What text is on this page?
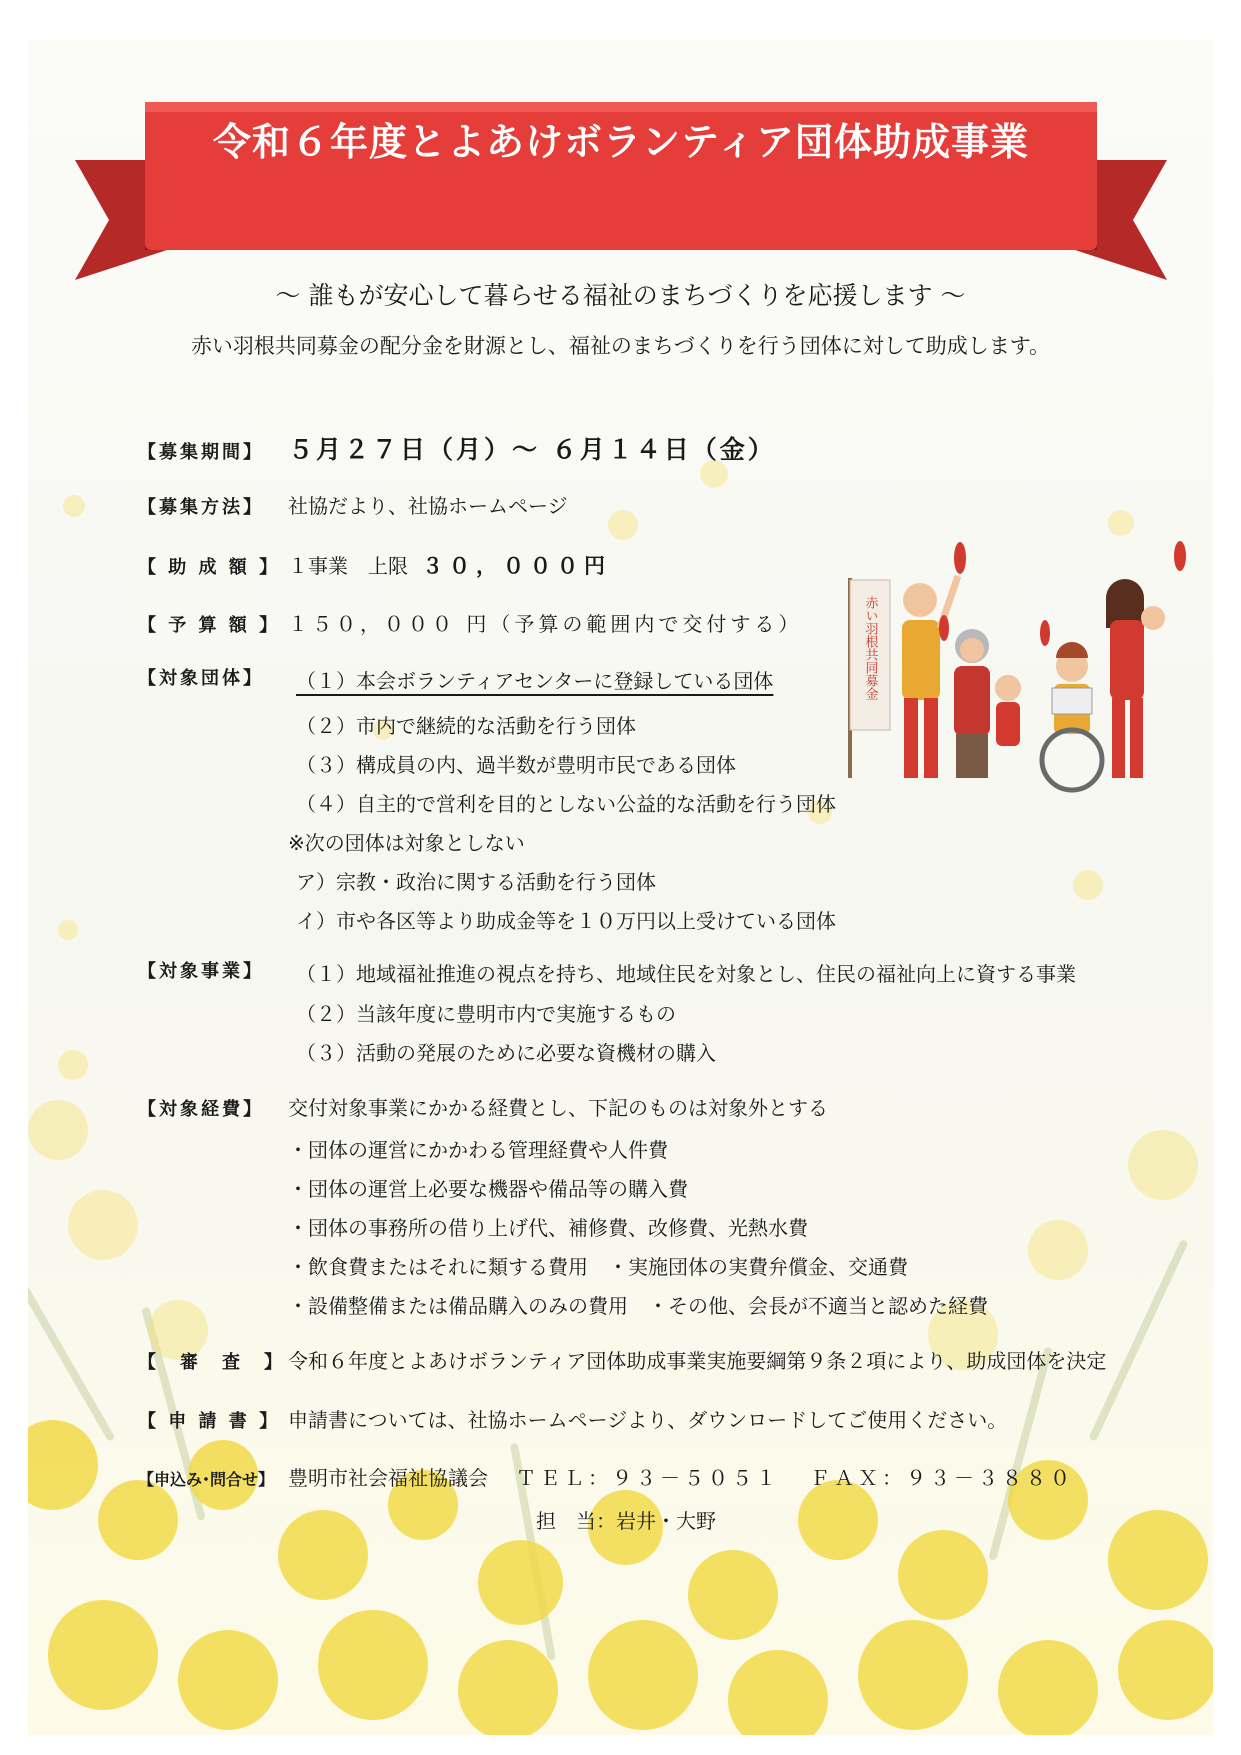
令和６年度とよあけボランティア団体助成事業
～ 誰もが安心して暮らせる福祉のまちづくりを応援します ～
赤い羽根共同募金の配分金を財源とし、福祉のまちづくりを行う団体に対して助成します。
【募集期間】 ５月２７日（月）～ ６月１４日（金）
【募集方法】	社協だより、社協ホームページ
【 助 成 額 】 １事業　上限 ３０，０００円
【 予 算 額 】 １５０，０００ 円（予算の範囲内で交付する）
【対象団体】	（１）本会ボランティアセンターに登録している団体
（２）市内で継続的な活動を行う団体
（３）構成員の内、過半数が豊明市民である団体
（４）自主的で営利を目的としない公益的な活動を行う団体
※次の団体は対象としない
ア）宗教・政治に関する活動を行う団体
イ）市や各区等より助成金等を１０万円以上受けている団体
赤い羽根共同募金
【対象事業】	（１）地域福祉推進の視点を持ち、地域住民を対象とし、住民の福祉向上に資する事業
（２）当該年度に豊明市内で実施するもの
（３）活動の発展のために必要な資機材の購入
【対象経費】	交付対象事業にかかる経費とし、下記のものは対象外とする
・団体の運営にかかわる管理経費や人件費
・団体の運営上必要な機器や備品等の購入費
・団体の事務所の借り上げ代、補修費、改修費、光熱水費
・飲食費またはそれに類する費用　・実施団体の実費弁償金、交通費
・設備整備または備品購入のみの費用　・その他、会長が不適当と認めた経費
【　審　査　】 令和６年度とよあけボランティア団体助成事業実施要綱第９条２項により、助成団体を決定
【 申 請 書 】 申請書については、社協ホームページより、ダウンロードしてご使用ください。
【申込み･問合せ】 豊明市社会福祉協議会 ＴＥＬ：９３－５０５１ ＦＡＸ：９３－３８８０
担　当：岩井・大野
